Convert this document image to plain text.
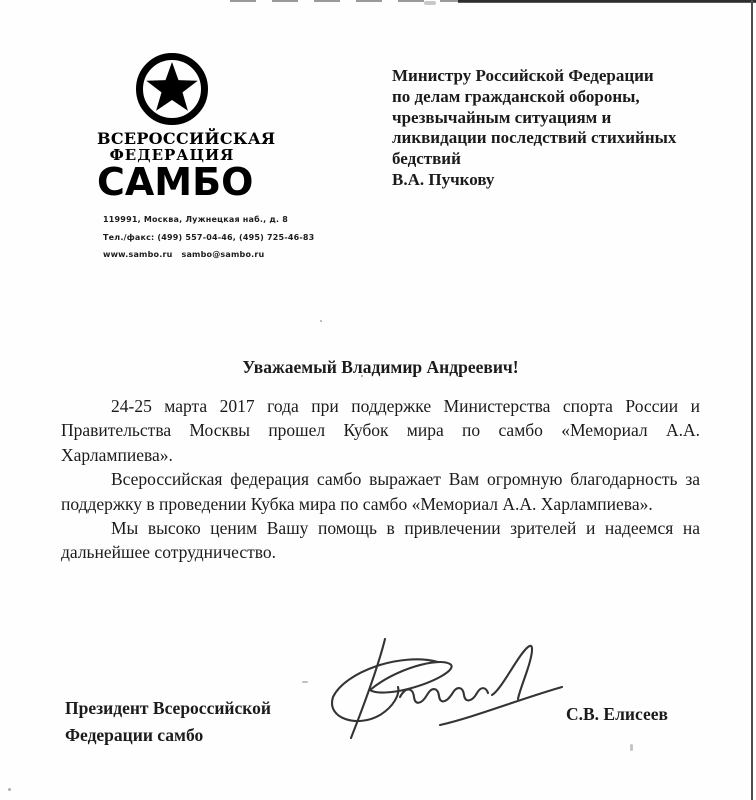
ВСЕРОССИЙСКАЯ
ФЕДЕРАЦИЯ
САМБО
119991, Москва, Лужнецкая наб., д. 8
Тел./факс: (499) 557-04-46, (495) 725-46-83
www.sambo.ru sambo@sambo.ru
Министру Российской Федерации
по делам гражданской обороны,
чрезвычайным ситуациям и
ликвидации последствий стихийных
бедствий
В.А. Пучкову
Уважаемый Владимир Андреевич!

24-25 марта 2017 года при поддержке Министерства спорта России и Правительства Москвы прошел Кубок мира по самбо «Мемориал А.А. Харлампиева».

Всероссийская федерация самбо выражает Вам огромную благодарность за поддержку в проведении Кубка мира по самбо «Мемориал А.А. Харлампиева».

Мы высоко ценим Вашу помощь в привлечении зрителей и надеемся на дальнейшее сотрудничество.

Президент Всероссийской
Федерации самбо
С.В. Елисеев
